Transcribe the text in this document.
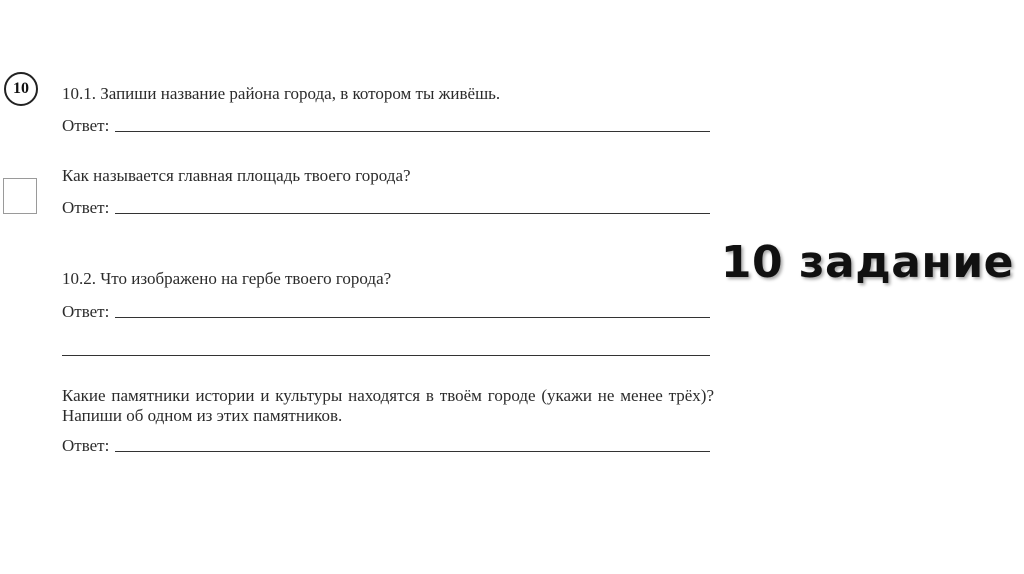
10	10.1. Запиши название района города, в котором ты живёшь.
Ответ:
Как называется главная площадь твоего города?
Ответ:
10.2. Что изображено на гербе твоего города?
Ответ:
Какие памятники истории и культуры находятся в твоём городе (укажи не менее трёх)? Напиши об одном из этих памятников.
Ответ:
10 задание
